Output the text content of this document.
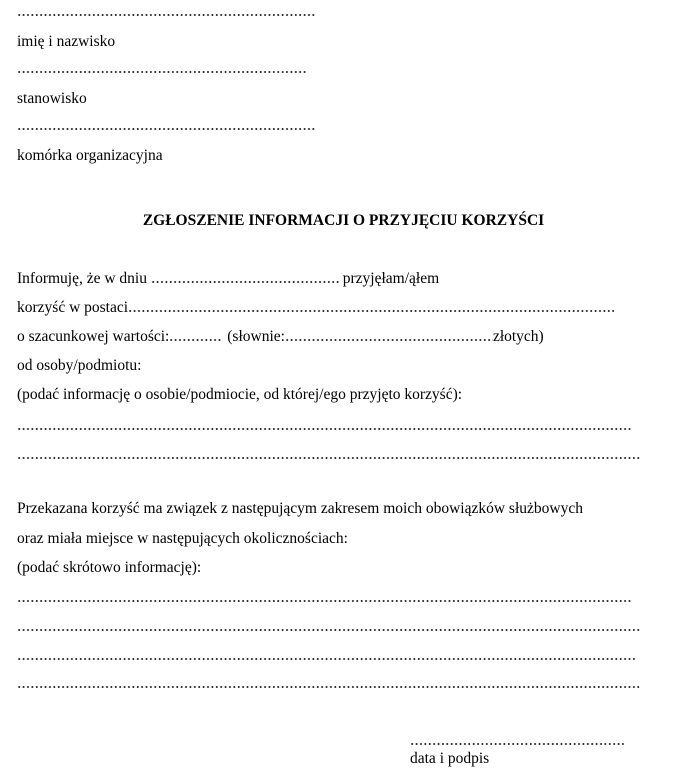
imię i nazwisko
stanowisko
komórka organizacyjna
ZGŁOSZENIE INFORMACJI O PRZYJĘCIU KORZYŚCI
Informuję, że w dniu	przyjęłam/ąłem
korzyść w postaci
o szacunkowej wartości:	(słownie:	złotych)
od osoby/podmiotu:
(podać informację o osobie/podmiocie, od której/ego przyjęto korzyść):
Przekazana korzyść ma związek z następującym zakresem moich obowiązków służbowych
oraz miała miejsce w następujących okolicznościach:
(podać skrótowo informację):
data i podpis
